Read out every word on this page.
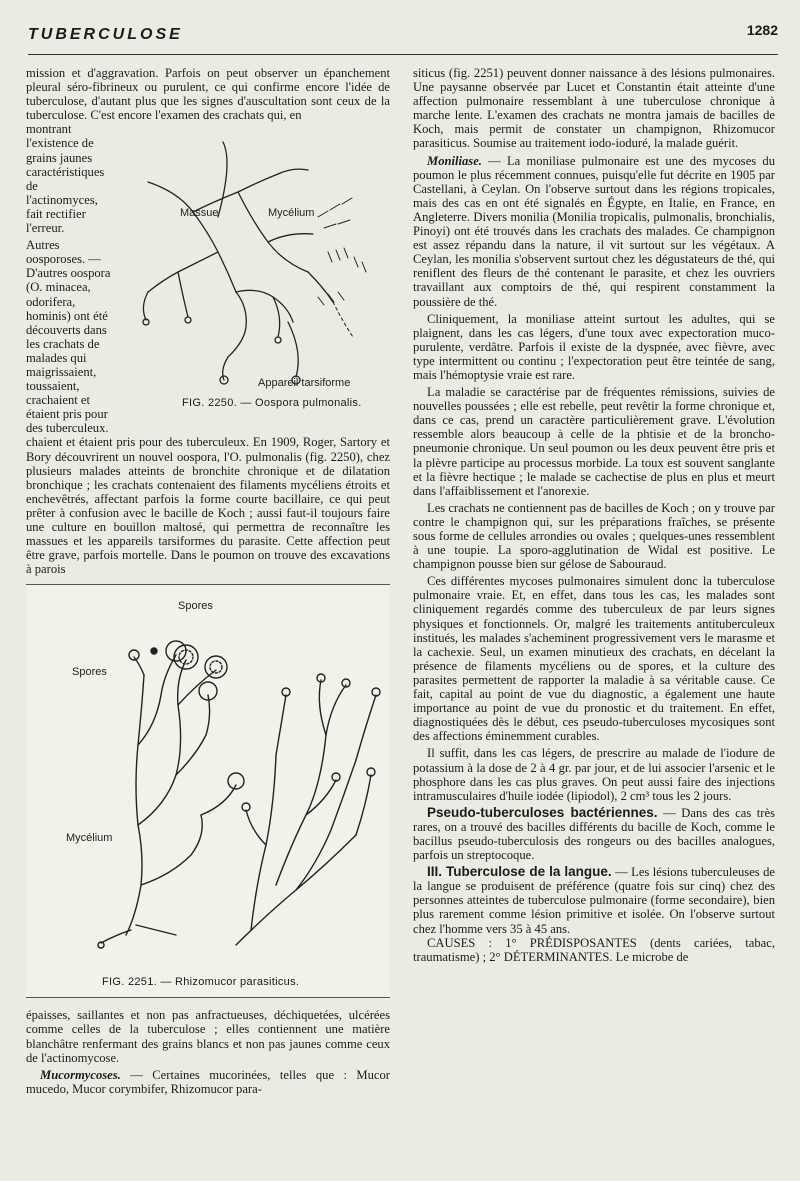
TUBERCULOSE	1282

mission et d'aggravation. Parfois on peut observer un épanchement pleural séro-fibrineux ou purulent, ce qui confirme encore l'idée de tuberculose, d'autant plus que les signes d'auscultation sont ceux de la tuberculose. C'est encore l'examen des crachats qui, en

montrant l'existence de grains jaunes caractéristiques de l'actinomyces, fait rectifier l'erreur.

Autres oosporoses. — D'autres oospora (O. minacea, odorifera, hominis) ont été découverts dans les crachats de malades qui maigrissaient, toussaient, crachaient et étaient pris pour des tuberculeux.

Massue	Mycélium
Appareil tarsiforme
FIG. 2250. — Oospora pulmonalis.

chaient et étaient pris pour des tuberculeux. En 1909, Roger, Sartory et Bory découvrirent un nouvel oospora, l'O. pulmonalis (fig. 2250), chez plusieurs malades atteints de bronchite chronique et de dilatation bronchique ; les crachats contenaient des filaments mycéliens étroits et enchevêtrés, affectant parfois la forme courte bacillaire, ce qui peut prêter à confusion avec le bacille de Koch ; aussi faut-il toujours faire une culture en bouillon maltosé, qui permettra de reconnaître les massues et les appareils tarsiformes du parasite. Cette affection peut être grave, parfois mortelle. Dans le poumon on trouve des excavations à parois

Spores
Spores
Mycélium
FIG. 2251. — Rhizomucor parasiticus.

épaisses, saillantes et non pas anfractueuses, déchiquetées, ulcérées comme celles de la tuberculose ; elles contiennent une matière blanchâtre renfermant des grains blancs et non pas jaunes comme ceux de l'actinomycose.

Mucormycoses. — Certaines mucorinées, telles que : Mucor mucedo, Mucor corymbifer, Rhizomucor para-

siticus (fig. 2251) peuvent donner naissance à des lésions pulmonaires. Une paysanne observée par Lucet et Constantin était atteinte d'une affection pulmonaire ressemblant à une tuberculose chronique à marche lente. L'examen des crachats ne montra jamais de bacilles de Koch, mais permit de constater un champignon, Rhizomucor parasiticus. Soumise au traitement iodo-ioduré, la malade guérit.

Moniliase. — La moniliase pulmonaire est une des mycoses du poumon le plus récemment connues, puisqu'elle fut décrite en 1905 par Castellani, à Ceylan. On l'observe surtout dans les régions tropicales, mais des cas en ont été signalés en Égypte, en Italie, en France, en Angleterre. Divers monilia (Monilia tropicalis, pulmonalis, bronchialis, Pinoyi) ont été trouvés dans les crachats des malades. Ce champignon est assez répandu dans la nature, il vit surtout sur les végétaux. A Ceylan, les monilia s'observent surtout chez les dégustateurs de thé, qui reniflent des fleurs de thé contenant le parasite, et chez les ouvriers travaillant aux comptoirs de thé, qui respirent constamment la poussière de thé.

Cliniquement, la moniliase atteint surtout les adultes, qui se plaignent, dans les cas légers, d'une toux avec expectoration muco-purulente, verdâtre. Parfois il existe de la dyspnée, avec fièvre, avec type intermittent ou continu ; l'expectoration peut être teintée de sang, mais l'hémoptysie vraie est rare.

La maladie se caractérise par de fréquentes rémissions, suivies de nouvelles poussées ; elle est rebelle, peut revêtir la forme chronique et, dans ce cas, prend un caractère particulièrement grave. L'évolution ressemble alors beaucoup à celle de la phtisie et de la broncho-pneumonie chronique. Un seul poumon ou les deux peuvent être pris et la plèvre participe au processus morbide. La toux est souvent sanglante et la fièvre hectique ; le malade se cachectise de plus en plus et meurt dans l'affaiblissement et l'anorexie.

Les crachats ne contiennent pas de bacilles de Koch ; on y trouve par contre le champignon qui, sur les préparations fraîches, se présente sous forme de cellules arrondies ou ovales ; quelques-unes ressemblent à une toupie. La sporo-agglutination de Widal est positive. Le champignon pousse bien sur gélose de Sabouraud.

Ces différentes mycoses pulmonaires simulent donc la tuberculose pulmonaire vraie. Et, en effet, dans tous les cas, les malades sont cliniquement regardés comme des tuberculeux de par leurs signes physiques et fonctionnels. Or, malgré les traitements antituberculeux institués, les malades s'acheminent progressivement vers le marasme et la cachexie. Seul, un examen minutieux des crachats, en décelant la présence de filaments mycéliens ou de spores, et la culture des parasites permettent de rapporter la maladie à sa véritable cause. Ce fait, capital au point de vue du diagnostic, a également une haute importance au point de vue du pronostic et du traitement. En effet, diagnostiquées dès le début, ces pseudo-tuberculoses mycosiques sont des affections éminemment curables.

Il suffit, dans les cas légers, de prescrire au malade de l'iodure de potassium à la dose de 2 à 4 gr. par jour, et de lui associer l'arsenic et le phosphore dans les cas plus graves. On peut aussi faire des injections intramusculaires d'huile iodée (lipiodol), 2 cm³ tous les 2 jours.

Pseudo-tuberculoses bactériennes. — Dans des cas très rares, on a trouvé des bacilles différents du bacille de Koch, comme le bacillus pseudo-tuberculosis des rongeurs ou des bacilles analogues, parfois un streptocoque.

III. Tuberculose de la langue. — Les lésions tuberculeuses de la langue se produisent de préférence (quatre fois sur cinq) chez des personnes atteintes de tuberculose pulmonaire (forme secondaire), bien plus rarement comme lésion primitive et isolée. On l'observe surtout chez l'homme vers 35 à 45 ans.

CAUSES : 1° PRÉDISPOSANTES (dents cariées, tabac, traumatisme) ; 2° DÉTERMINANTES. Le microbe de
